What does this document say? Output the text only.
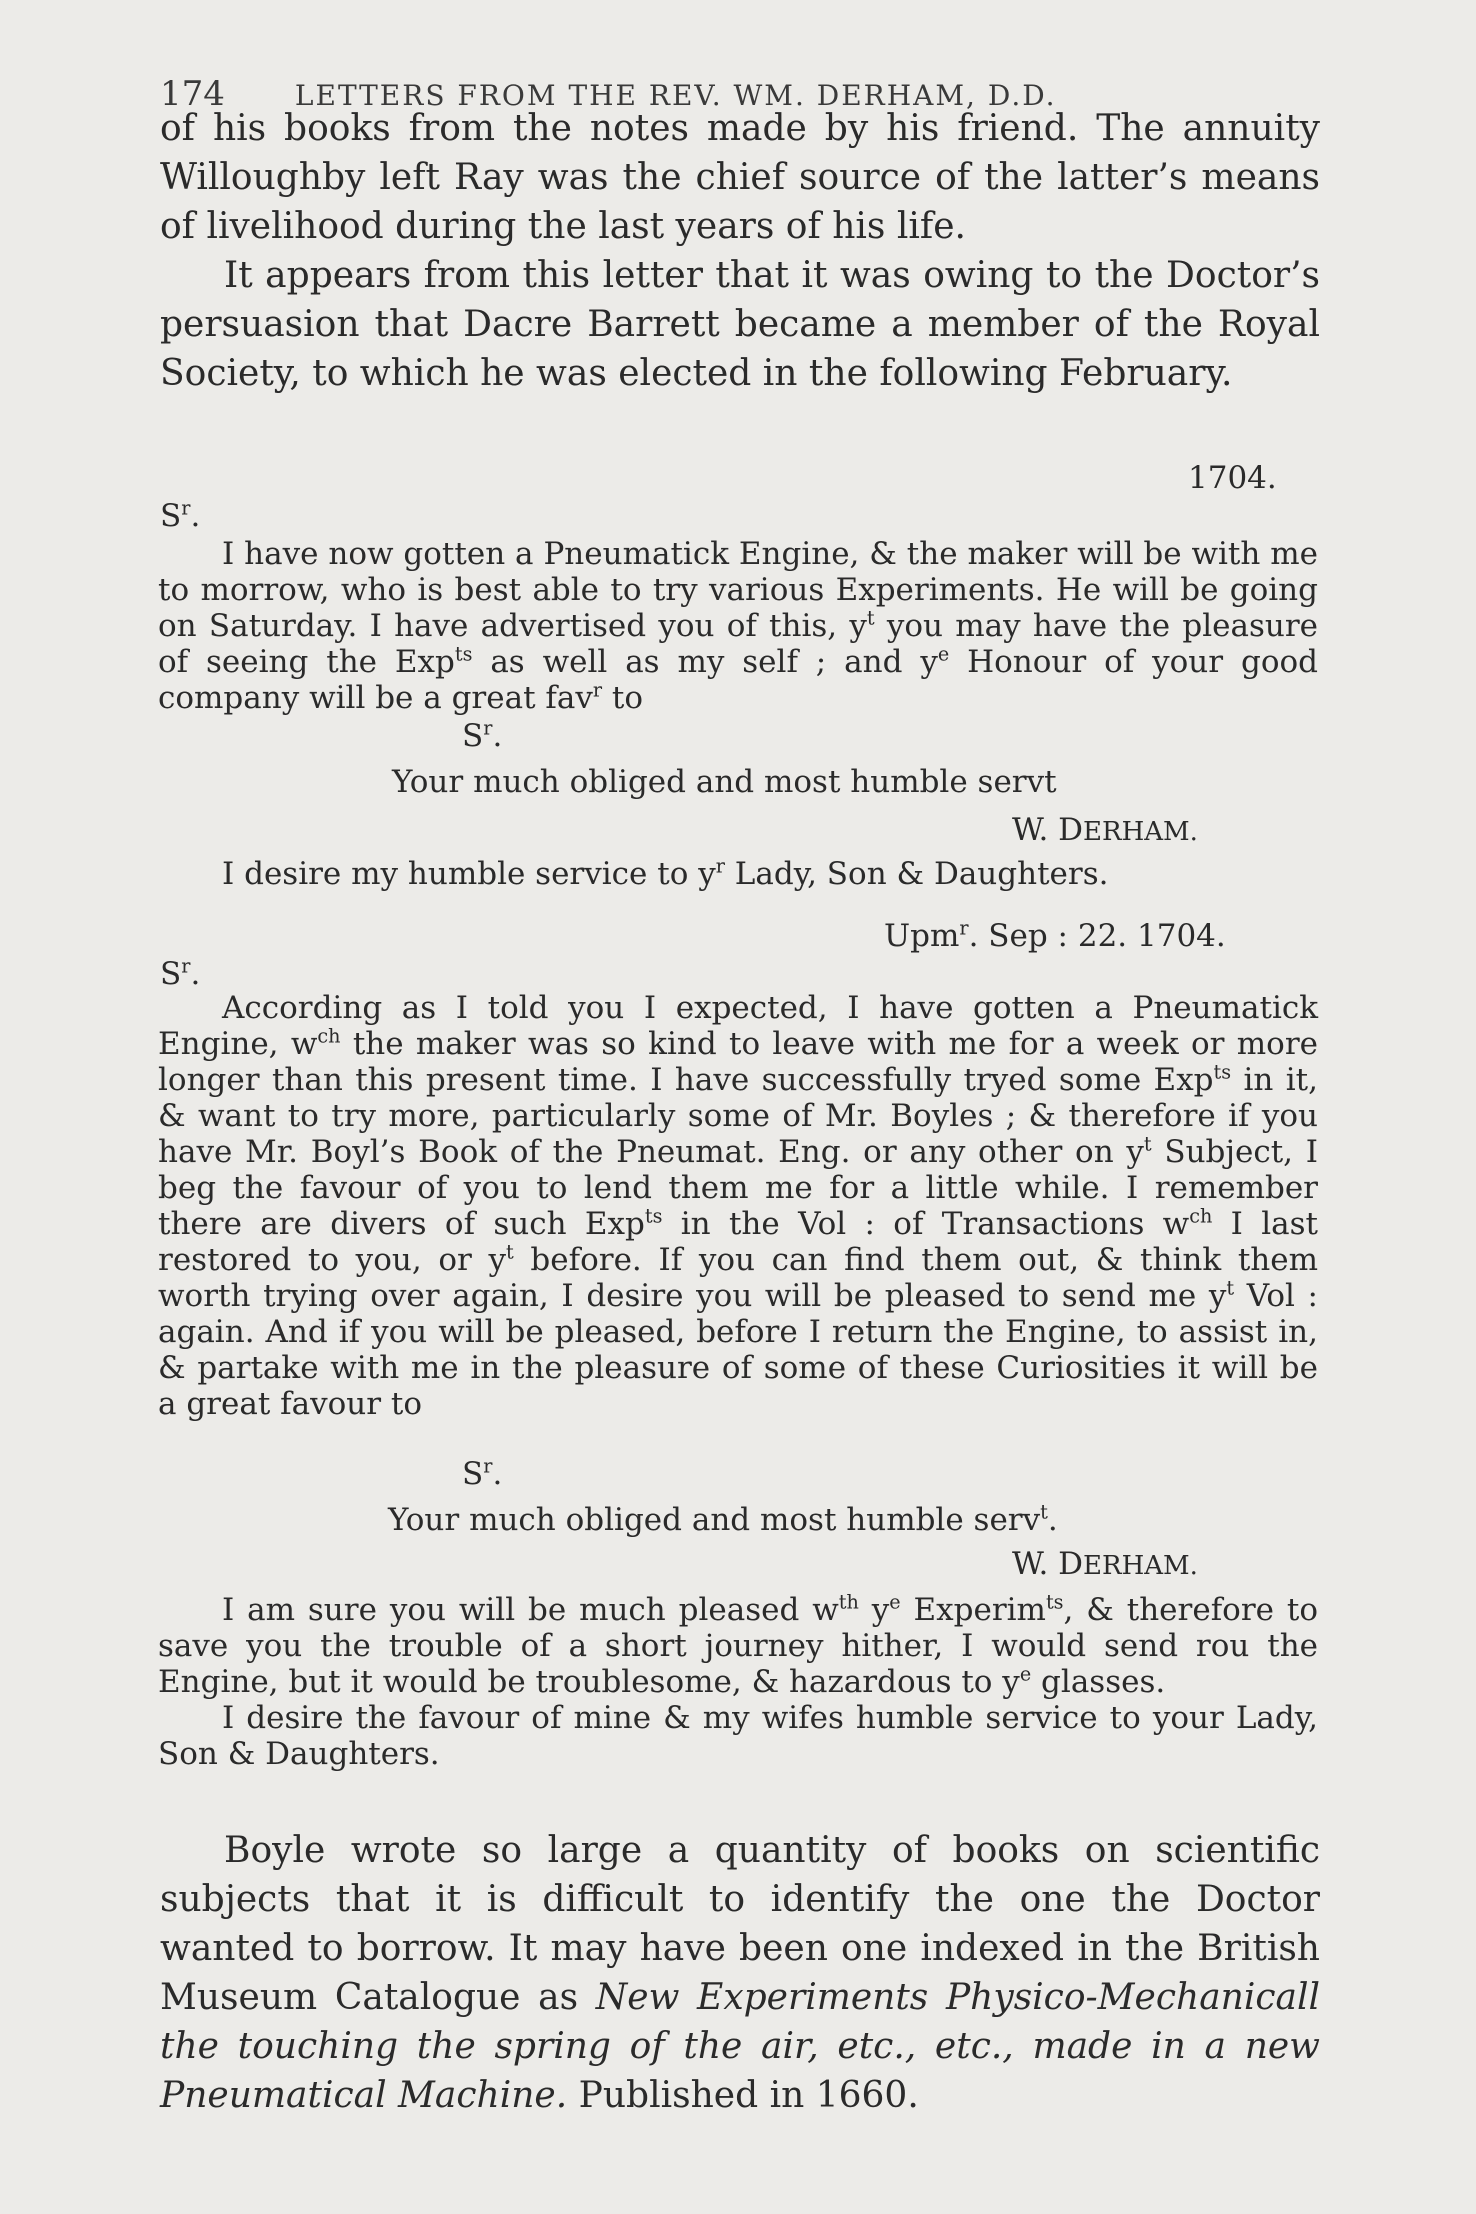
174	LETTERS FROM THE REV. WM. DERHAM, D.D.

of his books from the notes made by his friend. The annuity Willoughby left Ray was the chief source of the latter’s means of livelihood during the last years of his life.

It appears from this letter that it was owing to the Doctor’s persuasion that Dacre Barrett became a member of the Royal Society, to which he was elected in the following February.

1704.
$S^r$.

I have now gotten a Pneumatick Engine, & the maker will be with me to morrow, who is best able to try various Experiments. He will be going on Saturday. I have advertised you of this, $y^t$ you may have the pleasure of seeing the Exp$^{ts}$ as well as my self ; and $y^e$ Honour of your good company will be a great fav$^r$ to

$S^r$.
Your much obliged and most humble servt
W. DERHAM.
I desire my humble service to $y^r$ Lady, Son & Daughters.
Upm$^r$. Sep : 22. 1704.
$S^r$.

According as I told you I expected, I have gotten a Pneumatick Engine, $w^{ch}$ the maker was so kind to leave with me for a week or more longer than this present time. I have successfully tryed some Exp$^{ts}$ in it, & want to try more, particularly some of Mr. Boyles ; & therefore if you have Mr. Boyl’s Book of the Pneumat. Eng. or any other on $y^t$ Subject, I beg the favour of you to lend them me for a little while. I remember there are divers of such Exp$^{ts}$ in the Vol : of Transactions $w^{ch}$ I last restored to you, or $y^t$ before. If you can find them out, & think them worth trying over again, I desire you will be pleased to send me $y^t$ Vol : again. And if you will be pleased, before I return the Engine, to assist in, & partake with me in the pleasure of some of these Curiosities it will be a great favour to

$S^r$.
Your much obliged and most humble serv$^t$.
W. DERHAM.

I am sure you will be much pleased $w^{th}$ $y^e$ Experim$^{ts}$, & therefore to save you the trouble of a short journey hither, I would send rou the Engine, but it would be troublesome, & hazardous to $y^e$ glasses.

I desire the favour of mine & my wifes humble service to your Lady, Son & Daughters.

Boyle wrote so large a quantity of books on scientific subjects that it is difficult to identify the one the Doctor wanted to borrow. It may have been one indexed in the British Museum Catalogue as New Experiments Physico-Mechanicall the touching the spring of the air, etc., etc., made in a new Pneumatical Machine. Published in 1660.
